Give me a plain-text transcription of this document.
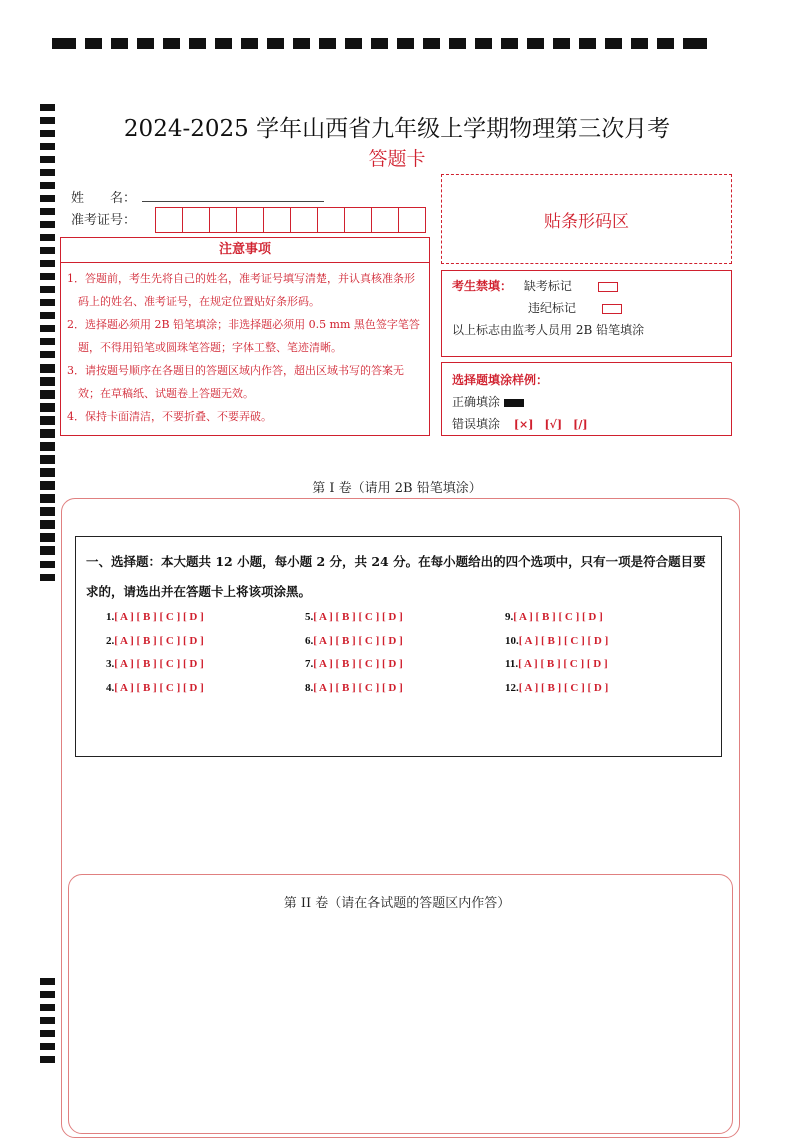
2024-2025 学年山西省九年级上学期物理第三次月考
答题卡
姓　　名：
准考证号：	贴条形码区
注意事项
1．答题前，考生先将自己的姓名，准考证号填写清楚，并认真核准条形码上的姓名、准考证号，在规定位置贴好条形码。
2．选择题必须用 2B 铅笔填涂；非选择题必须用 0.5 mm 黑色签字笔答题，不得用铅笔或圆珠笔答题；字体工整、笔迹清晰。
3．请按题号顺序在各题目的答题区域内作答，超出区域书写的答案无效；在草稿纸、试题卷上答题无效。
4．保持卡面清洁，不要折叠、不要弄破。
考生禁填： 缺考标记
违纪标记
以上标志由监考人员用 2B 铅笔填涂
选择题填涂样例：
正确填涂
错误填涂 [×]　[√]　[/]
第 I 卷（请用 2B 铅笔填涂）
一、选择题：本大题共 12 小题，每小题 2 分，共 24 分。在每小题给出的四个选项中，只有一项是符合题目要求的，请选出并在答题卡上将该项涂黑。
1.[ A ] [ B ] [ C ] [ D ]
2.[ A ] [ B ] [ C ] [ D ]
3.[ A ] [ B ] [ C ] [ D ]
4.[ A ] [ B ] [ C ] [ D ]
5.[ A ] [ B ] [ C ] [ D ]
6.[ A ] [ B ] [ C ] [ D ]
7.[ A ] [ B ] [ C ] [ D ]
8.[ A ] [ B ] [ C ] [ D ]
9.[ A ] [ B ] [ C ] [ D ]
10.[ A ] [ B ] [ C ] [ D ]
11.[ A ] [ B ] [ C ] [ D ]
12.[ A ] [ B ] [ C ] [ D ]
第 II 卷（请在各试题的答题区内作答）
